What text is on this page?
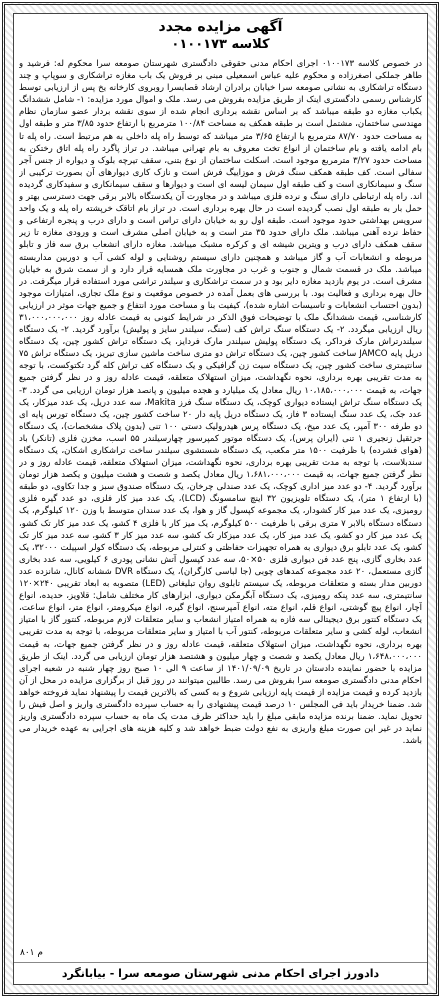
آگهی مزایده مجدد
کلاسه ۰۱۰۰۱۷۳
در خصوص کلاسه ۰۱۰۰۱۷۳ اجرای احکام مدنی حقوقی دادگستری شهرستان صومعه سرا محکوم له: فرشید و طاهر جملکی اصغرزاده و محکوم علیه عباس اسمعیلی مبنی بر فروش یک باب مغازه تراشکاری و سوپاپ و چند دستگاه تراشکاری به نشانی صومعه سرا خیابان برادران ارشاد قصابسرا روبروی کارخانه یخ پس از ارزیابی توسط کارشناس رسمی دادگستری اینک از طریق مزایده بفروش می رسد. ملک و اموال مورد مزایده: ۱- شامل ششدانگ یکباب مغازه دو طبقه میباشد که بر اساس نقشه برداری انجام شده از سوی نقشه بردار عضو سازمان نظام مهندسی ساختمان، مشتمل است بر طبقه همکف به مساحت ۱۰۰/۸۴ مترمربع با ارتفاع حدود ۳/۸۵ متر و طبقه اول به مساحت حدود ۸۷/۷۰ مترمربع با ارتفاع ۳/۶۵ متر میباشد که توسط راه پله داخلی به هم مرتبط است. راه پله تا بام ادامه یافته و بام ساختمان از انواع تخت معروف به بام تهرانی میباشد. در تراز پاگرد راه پله اتاق رختکن به مساحت حدود ۳/۲۷ مترمربع موجود است. اسکلت ساختمان از نوع بتنی، سقف تیرچه بلوک و دیواره از جنس آجر سفالی است. کف طبقه همکف سنگ فرش و موزاییگ فرش است و نازک کاری دیوارهای آن بصورت ترکیبی از سنگ و سیمانکاری است و کف طبقه اول سیمان لیسه ای است و دیوارها و سقف سیمانکاری و سفیدکاری گردیده اند. راه پله ارتباطی دارای سنگ و نرده فلزی میباشد و در مجاورت آن یکدستگاه بالابر برقی جهت دسترسی بهتر و حمل بار به طبقه اول نصب گردیده است در حال بهره برداری است. در تراز بام اتاقک خرپشته راه پله و یک واحد سرویس بهداشتی حدود موجود است. طبقه اول رو به خیابان دارای تراس است و دارای درب و پنجره ارتفاعی و حفاظ نرده آهنی میباشد. ملک دارای حدود ۳۵ متر است و به خیابان اصلی مشرف است و ورودی مغازه تا زیر سقف همکف دارای درب و ویترین شیشه ای و کرکره مشبک میباشد. مغازه دارای انشعاب برق سه فاز و تابلو مربوطه و انشعابات آب و گاز میباشد و همچنین دارای سیستم روشنایی و لوله کشی آب و دوربین مداربسته میباشد. ملک در قسمت شمال و جنوب و غرب در مجاورت ملک همسایه قرار دارد و از سمت شرق به خیابان مشرف است. در یوم بازدید مغازه دایر بود و در سمت تراشکاری و سیلندر تراشی مورد استفاده قرار میگرفت. در حال بهره برداری و فعالیت بود. با بررسی های بعمل آمده در خصوص موقعیت و نوع ملک تجاری، امتیازات موجود (بدون احتساب انشعابات و تاسیسات اشاره شده)، کیفیت بنا و مساحت مورد انتفاع و جمیع جهات موثر در ارزیابی کارشناسی، قیمت ششدانگ ملک با توضیحات فوق الذکر در شرایط کنونی به قیمت عادله روز ۳۱،۰۰۰،۰۰۰،۰۰۰ ریال ارزیابی میگردد. ۲- یک دستگاه سنگ تراش کف (سنگ، سیلندر سایز و پولیش) برآورد گردید. ۲- یک دستگاه سیلندرتراش مارک فرداکر، یک دستگاه پولیش سیلندر مارک فردایز، یک دستگاه تراش کشور چین، یک دستگاه دریل پایه JAMCO ساخت کشور چین، یک دستگاه تراش دو متری ساخت ماشین سازی تبریز، یک دستگاه تراش ۷۵ سانتیمتری ساخت کشور چین، یک دستگاه سیت زن گرافیکی و یک دستگاه کف تراش کله گرد تکتوکست، با توجه به مدت تقریبی بهره برداری، نحوه نگهداشت، میزان استهلاک متعلقه، قیمت عادله روز و در نظر گرفتن جمیع جهات، به قیمت ۱۰،۱۸۵،۰۰۰،۰۰۰ ریال معادل یک میلیارد و هجده میلیون و پانصد هزار تومان ارزیابی می گردد. ۳- یک دستگاه سنگ تراش ایستاده دیواری کوچک، یک دستگاه سنگ فرز Makita، سه عدد دریل، یک عدد میزکار، یک عدد جک، یک عدد سنگ ایستاده ۳ فاز، یک دستگاه دریل پایه دار ۲۰ ساخت کشور چین، یک دستگاه تورس پایه ای دو طرفه ۳۰۰ آمپر، یک عدد میخ، یک دستگاه پرس هیدرولیک دستی ۱۰۰ تنی (بدون پلاک مشخصات)، یک دستگاه جرثقیل زنجیری ۱ تنی (ایران پرس)، یک دستگاه موتور کمپرسور چهارسیلندر ۵۵ اسب، مخزن فلزی (تانکر) باد (هوای فشرده) با ظرفیت ۱۵۰۰ متر مکعب، یک دستگاه شستشوی سیلندر ساخت تراشکاری اشکان، یک دستگاه سندبلاست، با توجه به مدت تقریبی بهره برداری، نحوه نگهداشت، میزان استهلاک متعلقه، قیمت عادله روز و در نظر گرفتن جمیع جهات، به قیمت ۱،۶۸۱،۰۰۰،۰۰۰ ریال معادل یکصد و شصت و هشت میلیون و یکصد هزار تومان برآورد گردید. ۴- دو عدد میز اداری کوچک، یک عدد صندلی چرخان، یک دستگاه صندوق سبز و جدا تکاوی، دو طبقه (با ارتفاع ۱ متر)، یک دستگاه تلویزیون ۳۲ اینچ سامسونگ (LCD)، یک عدد میز کار فلزی، دو عدد گیره فلزی رومیزی، یک عدد میز کار کشودار، یک مجموعه کپسول گاز و هوا، یک عدد سندان متوسط با وزن ۱۲۰ کیلوگرم، یک دستگاه دستگاه بالابر ۷ متری برقی با ظرفیت ۵۰۰ کیلوگرم، یک میز کار با فلزی ۴ کشو، یک عدد میز کار تک کشو، یک عدد میز کار دو کشو، یک عدد میز کار، یک عدد میزکار تک کشو، سه عدد میز کار ۳ کشو، سه عدد میز کار تک کشو، یک عدد تابلو برق دیواری به همراه تجهیزات حفاظتی و کنترلی مربوطه، یک دستگاه کولر اسپیلت ۳۲۰۰۰، یک عدد بخاری گازی، پنج عدد فن دیواری فلزی ۵۰×۵۰، سه عدد کپسول آتش نشانی پودری ۶ کیلویی، سه عدد بخاری گازی مستعمل، ۲۰ عدد مجموعه کمدهای چوبی (جا لباسی کارگران)، یک دستگاه DVR ششانه کانال، شانزده عدد دوربین مدار بسته و متعلقات مربوطه، یک سیستم تابلوی روان تبلیغاتی (LED) متصوبه به ابعاد تقریبی ۲۴۰×۱۲۰ سانتیمتری، سه عدد پنکه رومیزی، یک دستگاه آبگرمکن دیواری، ابزارهای کار مختلف شامل: قلاویز، حدیده، انواع آچار، انواع پیچ گوشتی، انواع قلم، انواع مته، انواع آمپرسنج، انواع گیره، انواع میکرومتر، انواع متر، انواع ساعت، یک دستگاه کنتور برق دیجیتالی سه فازه به همراه امتیاز انشعاب و سایر متعلقات لازم مربوطه، کنتور گاز با امتیاز انشعاب، لوله کشی و سایر متعلقات مربوطه، کنتور آب با امتیاز و سایر متعلقات مربوطه، با توجه به مدت تقریبی بهره برداری، نحوه نگهداشت، میزان استهلاک متعلقه، قیمت عادله روز و در نظر گرفتن جمیع جهات، به قیمت ۱،۶۴۸،۰۰۰،۰۰۰ ریال معادل یکصد و شصت و چهار میلیون و هشتصد هزار تومان ارزیابی می گردد. اینک از طریق مزایده با حضور نماینده دادستان در تاریخ ۱۴۰۱/۰۹/۰۹ از ساعت ۹ الی ۱۰ صبح روز چهار شنبه در شعبه اجرای احکام مدنی دادگستری صومعه سرا بفروش می رسد. طالبین میتوانند در روز قبل از برگزاری مزایده در محل از آن بازدید کرده و قیمت مزایده از قیمت پایه ارزیابی شروع و به کسی که بالاترین قیمت را پیشنهاد نماید فروخته خواهد شد. ضمنا خریدار باید فی المجلس ۱۰ درصد قیمت پیشنهادی را به حساب سپرده دادگستری واریز و اصل فیش را تحویل نماید. ضمنا برنده مزایده مابقی مبلغ را باید حداکثر ظرف مدت یک ماه به حساب سپرده دادگستری واریز نماید در غیر این صورت مبلغ واریزی به نفع دولت ضبط خواهد شد و کلیه هزینه های اجرایی به عهده خریدار می باشد.
م ۸۰۱
دادورز اجرای احکام مدنی شهرستان صومعه سرا - بیابانگرد
